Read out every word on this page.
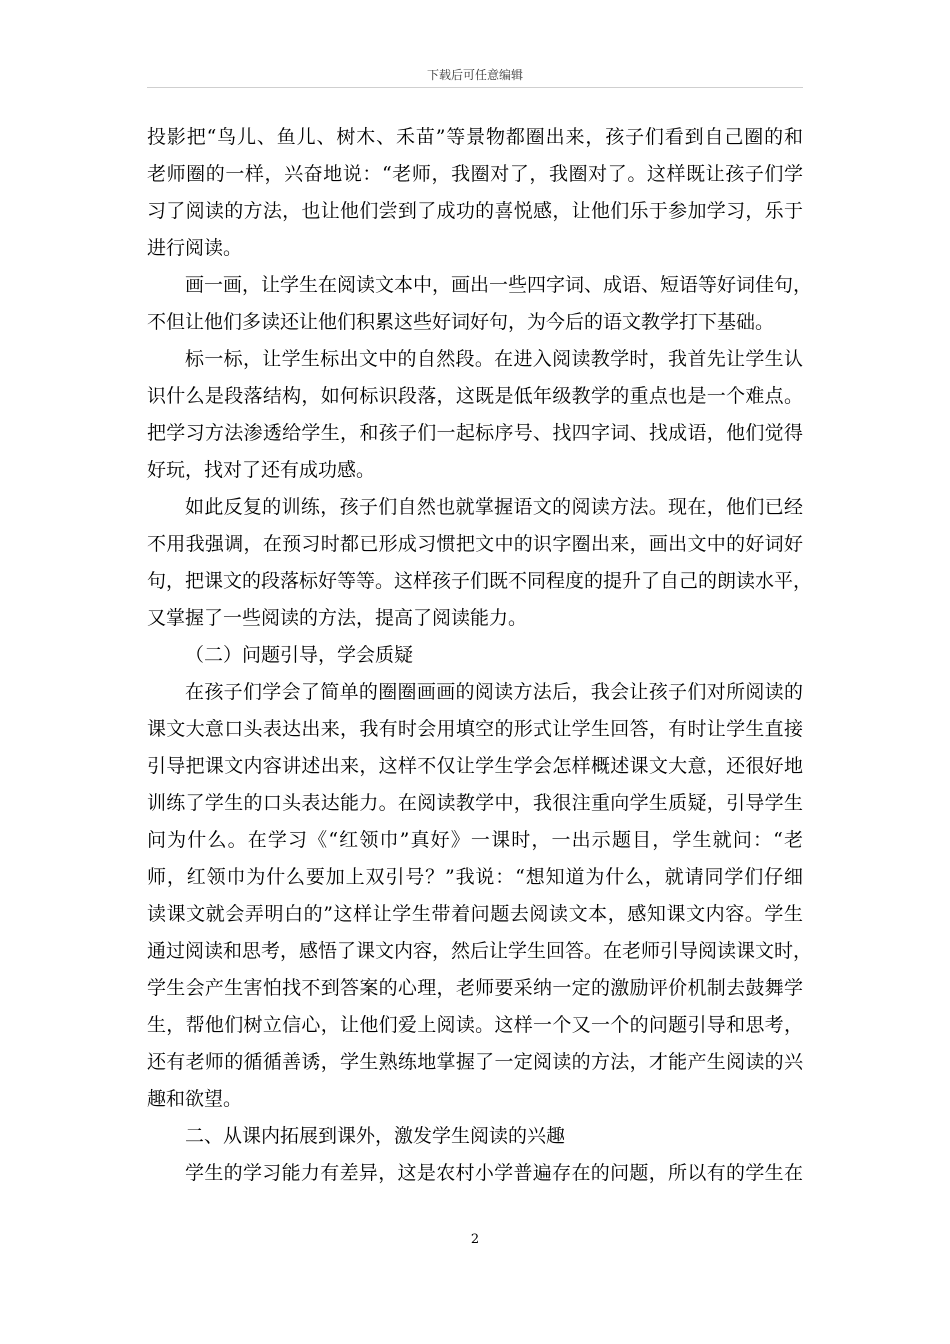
下载后可任意编辑
投影把“鸟儿、鱼儿、树木、禾苗”等景物都圈出来，孩子们看到自己圈的和
老师圈的一样，兴奋地说：“老师，我圈对了，我圈对了。这样既让孩子们学
习了阅读的方法，也让他们尝到了成功的喜悦感，让他们乐于参加学习，乐于
进行阅读。
画一画，让学生在阅读文本中，画出一些四字词、成语、短语等好词佳句，
不但让他们多读还让他们积累这些好词好句，为今后的语文教学打下基础。
标一标，让学生标出文中的自然段。在进入阅读教学时，我首先让学生认
识什么是段落结构，如何标识段落，这既是低年级教学的重点也是一个难点。
把学习方法渗透给学生，和孩子们一起标序号、找四字词、找成语，他们觉得
好玩，找对了还有成功感。
如此反复的训练，孩子们自然也就掌握语文的阅读方法。现在，他们已经
不用我强调，在预习时都已形成习惯把文中的识字圈出来，画出文中的好词好
句，把课文的段落标好等等。这样孩子们既不同程度的提升了自己的朗读水平，
又掌握了一些阅读的方法，提高了阅读能力。
（二）问题引导，学会质疑
在孩子们学会了简单的圈圈画画的阅读方法后，我会让孩子们对所阅读的
课文大意口头表达出来，我有时会用填空的形式让学生回答，有时让学生直接
引导把课文内容讲述出来，这样不仅让学生学会怎样概述课文大意，还很好地
训练了学生的口头表达能力。在阅读教学中，我很注重向学生质疑，引导学生
问为什么。在学习《“红领巾”真好》一课时，一出示题目，学生就问：“老
师，红领巾为什么要加上双引号？”我说：“想知道为什么，就请同学们仔细
读课文就会弄明白的”这样让学生带着问题去阅读文本，感知课文内容。学生
通过阅读和思考，感悟了课文内容，然后让学生回答。在老师引导阅读课文时，
学生会产生害怕找不到答案的心理，老师要采纳一定的激励评价机制去鼓舞学
生，帮他们树立信心，让他们爱上阅读。这样一个又一个的问题引导和思考，
还有老师的循循善诱，学生熟练地掌握了一定阅读的方法，才能产生阅读的兴
趣和欲望。
二、从课内拓展到课外，激发学生阅读的兴趣
学生的学习能力有差异，这是农村小学普遍存在的问题，所以有的学生在
2
